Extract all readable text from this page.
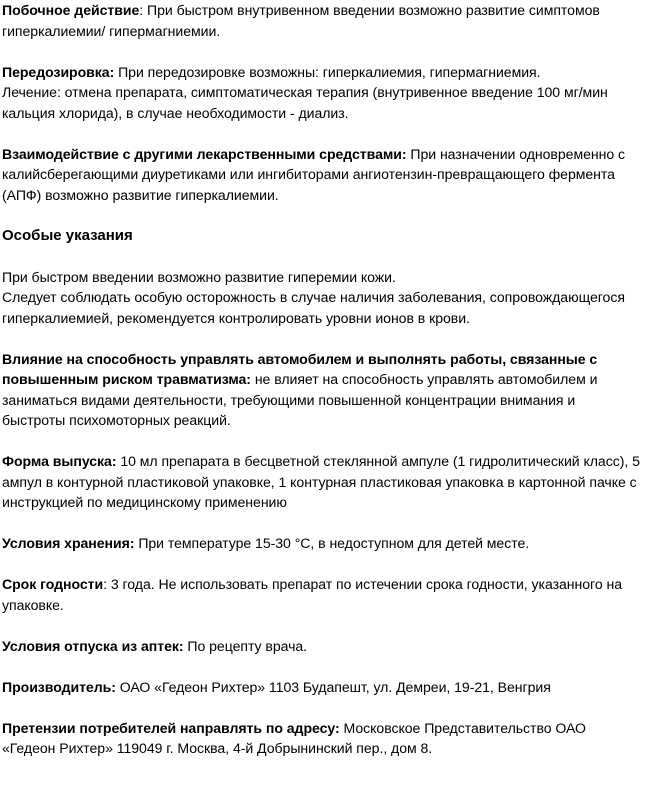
Побочное действие: При быстром внутривенном введении возможно развитие симптомов гиперкалиемии/ гипермагниемии.

Передозировка: При передозировке возможны: гиперкалиемия, гипермагниемия.
Лечение: отмена препарата, симптоматическая терапия (внутривенное введение 100 мг/мин кальция хлорида), в случае необходимости - диализ.

Взаимодействие с другими лекарственными средствами: При назначении одновременно с калийсберегающими диуретиками или ингибиторами ангиотензин-превращающего фермента (АПФ) возможно развитие гиперкалиемии.

Особые указания

При быстром введении возможно развитие гиперемии кожи.
Следует соблюдать особую осторожность в случае наличия заболевания, сопровождающегося гиперкалиемией, рекомендуется контролировать уровни ионов в крови.

Влияние на способность управлять автомобилем и выполнять работы, связанные с повышенным риском травматизма: не влияет на способность управлять автомобилем и заниматься видами деятельности, требующими повышенной концентрации внимания и быстроты психомоторных реакций.

Форма выпуска: 10 мл препарата в бесцветной стеклянной ампуле (1 гидролитический класс), 5 ампул в контурной пластиковой упаковке, 1 контурная пластиковая упаковка в картонной пачке с инструкцией по медицинскому применению

Условия хранения: При температуре 15-30 °С, в недоступном для детей месте.

Срок годности: 3 года. Не использовать препарат по истечении срока годности, указанного на упаковке.

Условия отпуска из аптек: По рецепту врача.

Производитель: ОАО «Гедеон Рихтер» 1103 Будапешт, ул. Демреи, 19-21, Венгрия

Претензии потребителей направлять по адресу: Московское Представительство ОАО «Гедеон Рихтер» 119049 г. Москва, 4-й Добрынинский пер., дом 8.
